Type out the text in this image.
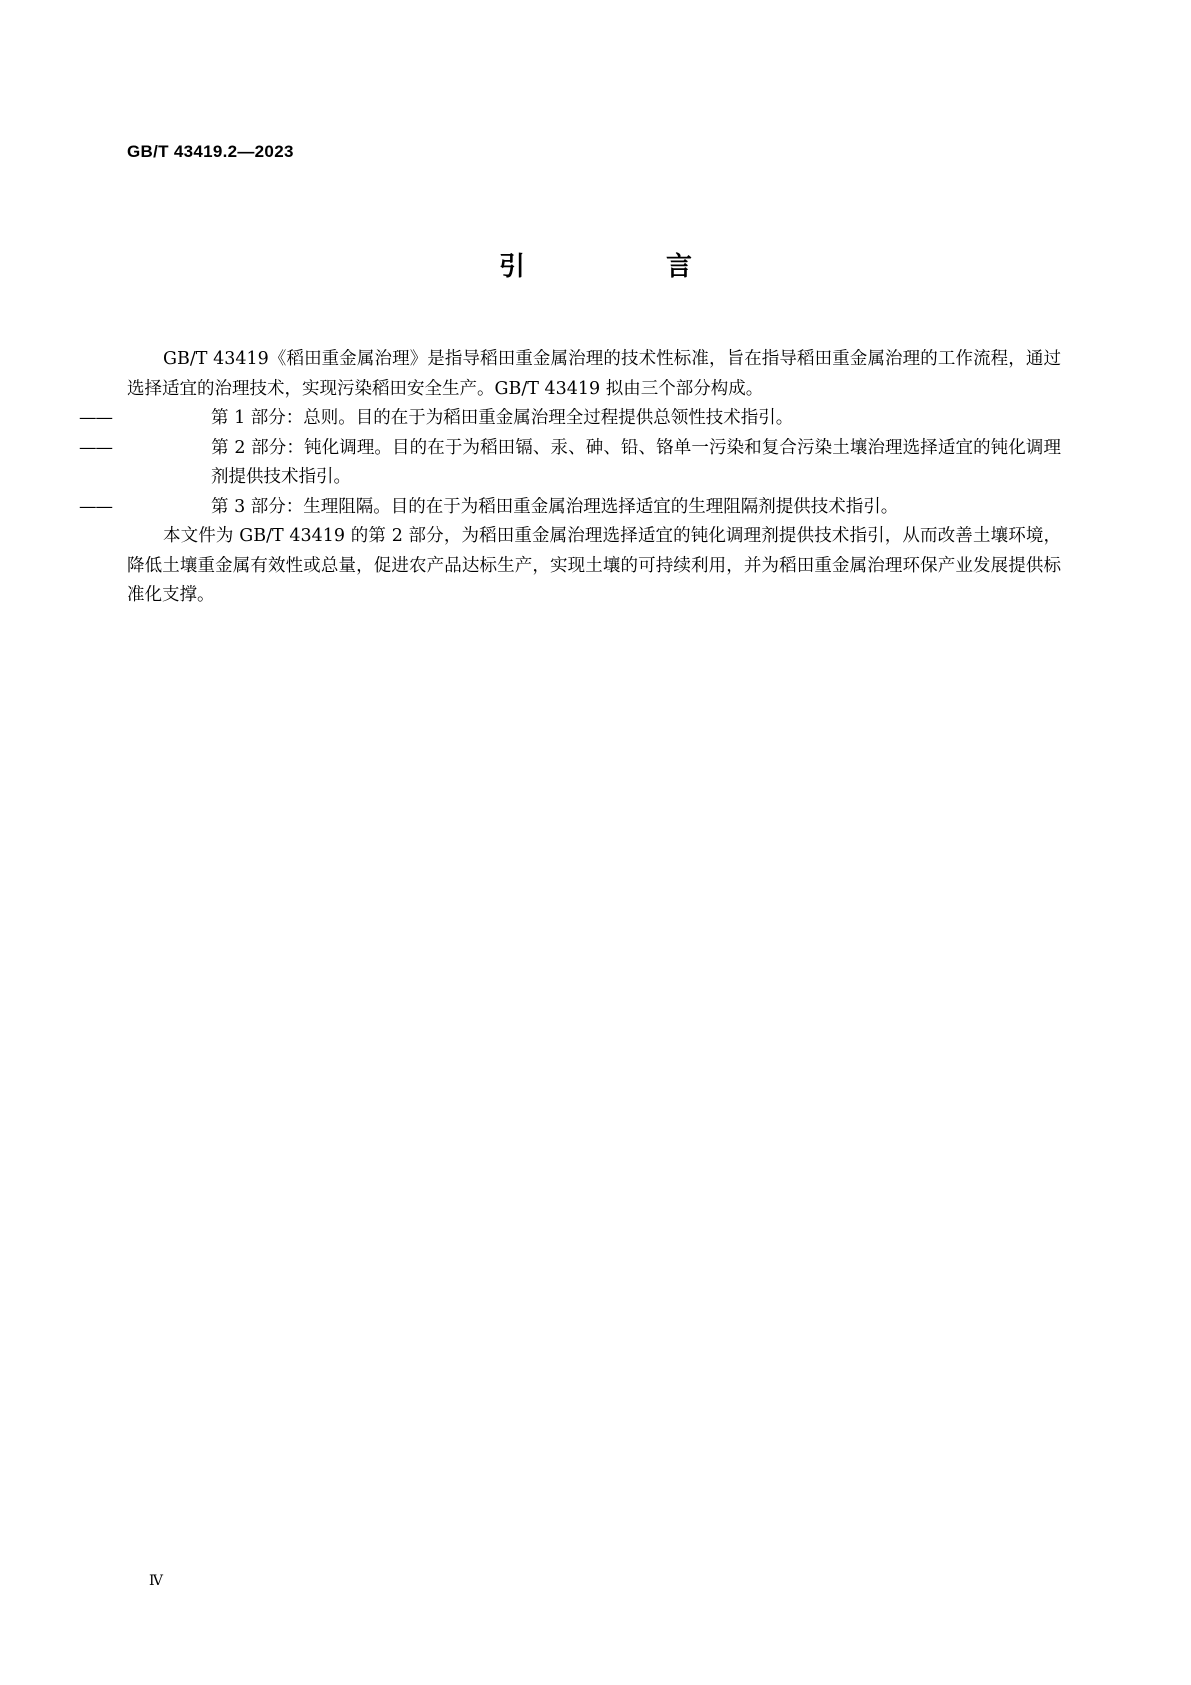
GB/T 43419.2—2023
引 言

GB/T 43419《稻田重金属治理》是指导稻田重金属治理的技术性标准，旨在指导稻田重金属治理的工作流程，通过选择适宜的治理技术，实现污染稻田安全生产。GB/T 43419 拟由三个部分构成。

——	第 1 部分：总则。目的在于为稻田重金属治理全过程提供总领性技术指引。

——	第 2 部分：钝化调理。目的在于为稻田镉、汞、砷、铅、铬单一污染和复合污染土壤治理选择适宜的钝化调理剂提供技术指引。

——	第 3 部分：生理阻隔。目的在于为稻田重金属治理选择适宜的生理阻隔剂提供技术指引。

本文件为 GB/T 43419 的第 2 部分，为稻田重金属治理选择适宜的钝化调理剂提供技术指引，从而改善土壤环境，降低土壤重金属有效性或总量，促进农产品达标生产，实现土壤的可持续利用，并为稻田重金属治理环保产业发展提供标准化支撑。

Ⅳ
